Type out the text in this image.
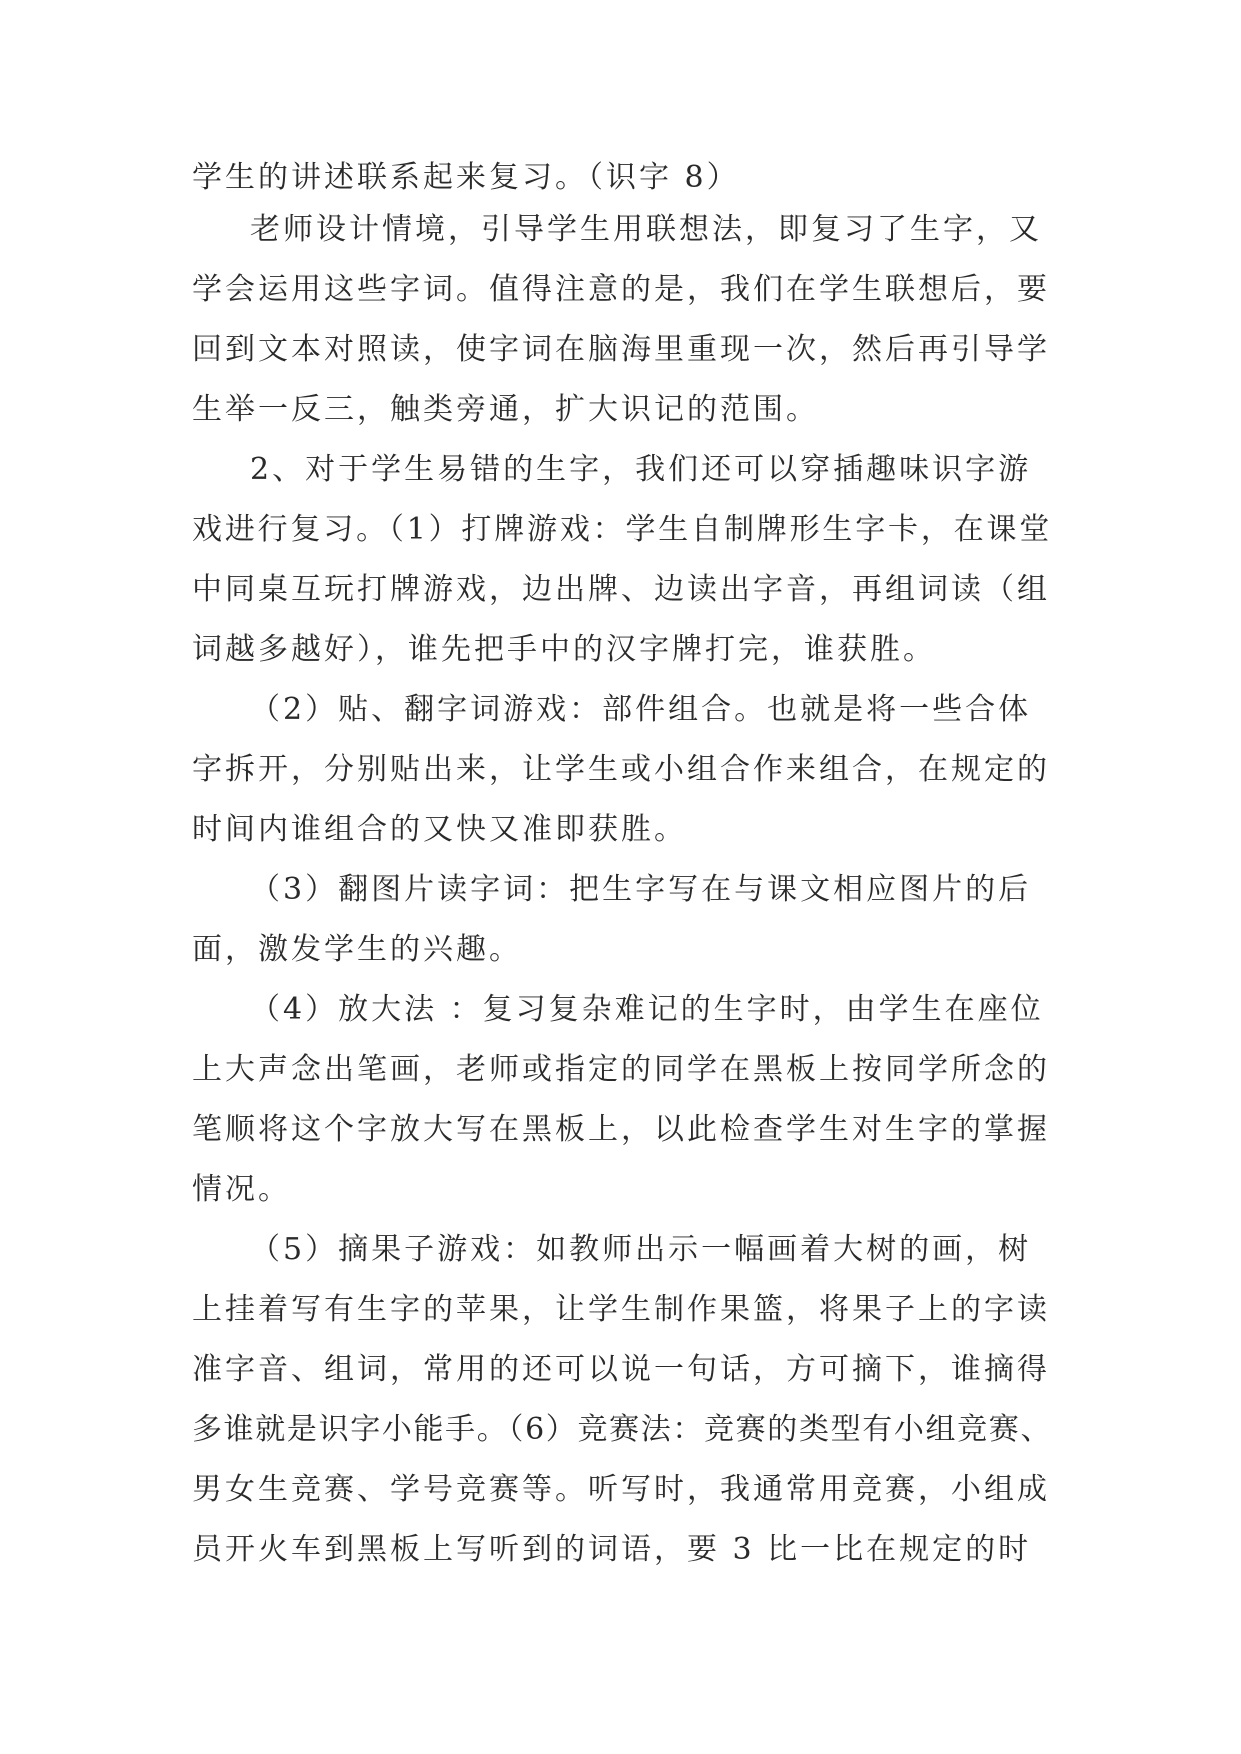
学生的讲述联系起来复习。（识字 8）
老师设计情境，引导学生用联想法，即复习了生字，又
学会运用这些字词。值得注意的是，我们在学生联想后，要
回到文本对照读，使字词在脑海里重现一次，然后再引导学
生举一反三，触类旁通，扩大识记的范围。
2、对于学生易错的生字，我们还可以穿插趣味识字游
戏进行复习。（1）打牌游戏：学生自制牌形生字卡，在课堂
中同桌互玩打牌游戏，边出牌、边读出字音，再组词读（组
词越多越好），谁先把手中的汉字牌打完，谁获胜。
（2）贴、翻字词游戏：部件组合。也就是将一些合体
字拆开，分别贴出来，让学生或小组合作来组合，在规定的
时间内谁组合的又快又准即获胜。
（3）翻图片读字词：把生字写在与课文相应图片的后
面，激发学生的兴趣。
（4）放大法 ：复习复杂难记的生字时，由学生在座位
上大声念出笔画，老师或指定的同学在黑板上按同学所念的
笔顺将这个字放大写在黑板上，以此检查学生对生字的掌握
情况。
（5）摘果子游戏：如教师出示一幅画着大树的画，树
上挂着写有生字的苹果，让学生制作果篮，将果子上的字读
准字音、组词，常用的还可以说一句话，方可摘下，谁摘得
多谁就是识字小能手。（6）竞赛法：竞赛的类型有小组竞赛、
男女生竞赛、学号竞赛等。听写时，我通常用竞赛，小组成
员开火车到黑板上写听到的词语，要 3 比一比在规定的时
